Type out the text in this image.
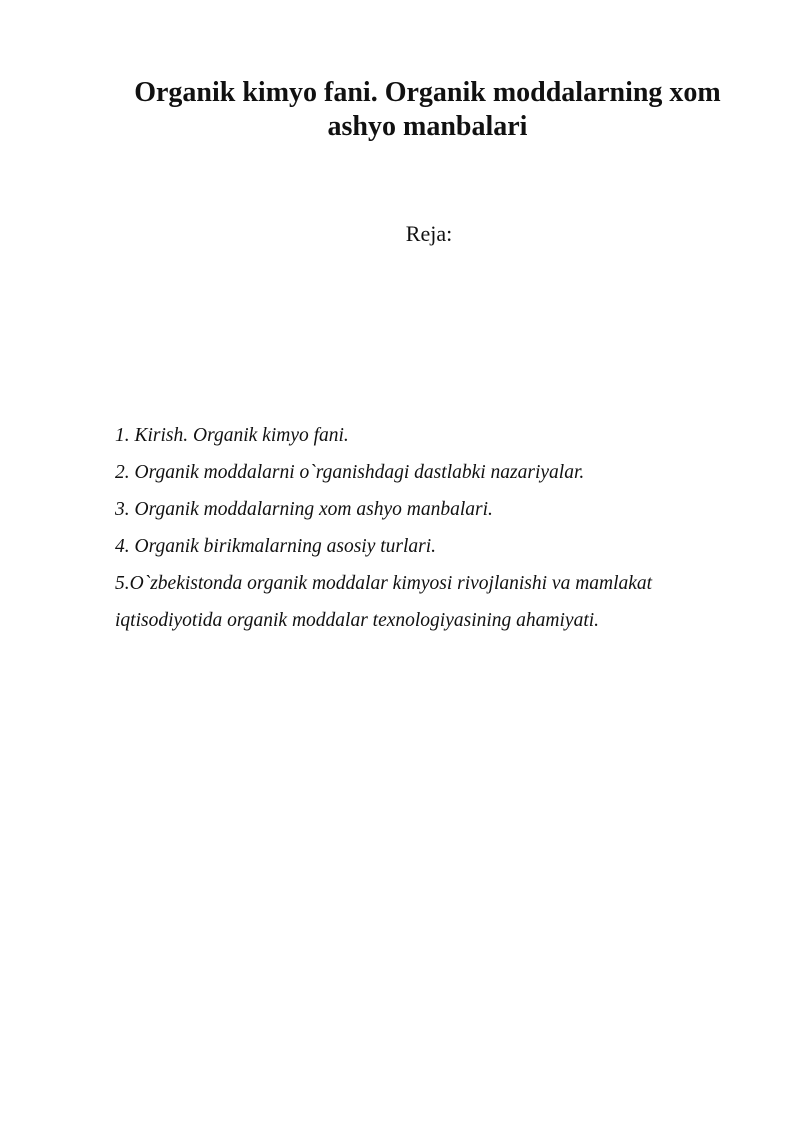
Organik kimyo fani. Organik moddalarning xom
ashyo manbalari
Reja:
1. Kirish. Organik kimyo fani.
2. Organik moddalarni o`rganishdagi dastlabki nazariyalar.
3. Organik moddalarning xom ashyo manbalari.
4. Organik birikmalarning asosiy turlari.
5.O`zbekistonda organik moddalar kimyosi rivojlanishi va mamlakat
iqtisodiyotida organik moddalar texnologiyasining ahamiyati.
